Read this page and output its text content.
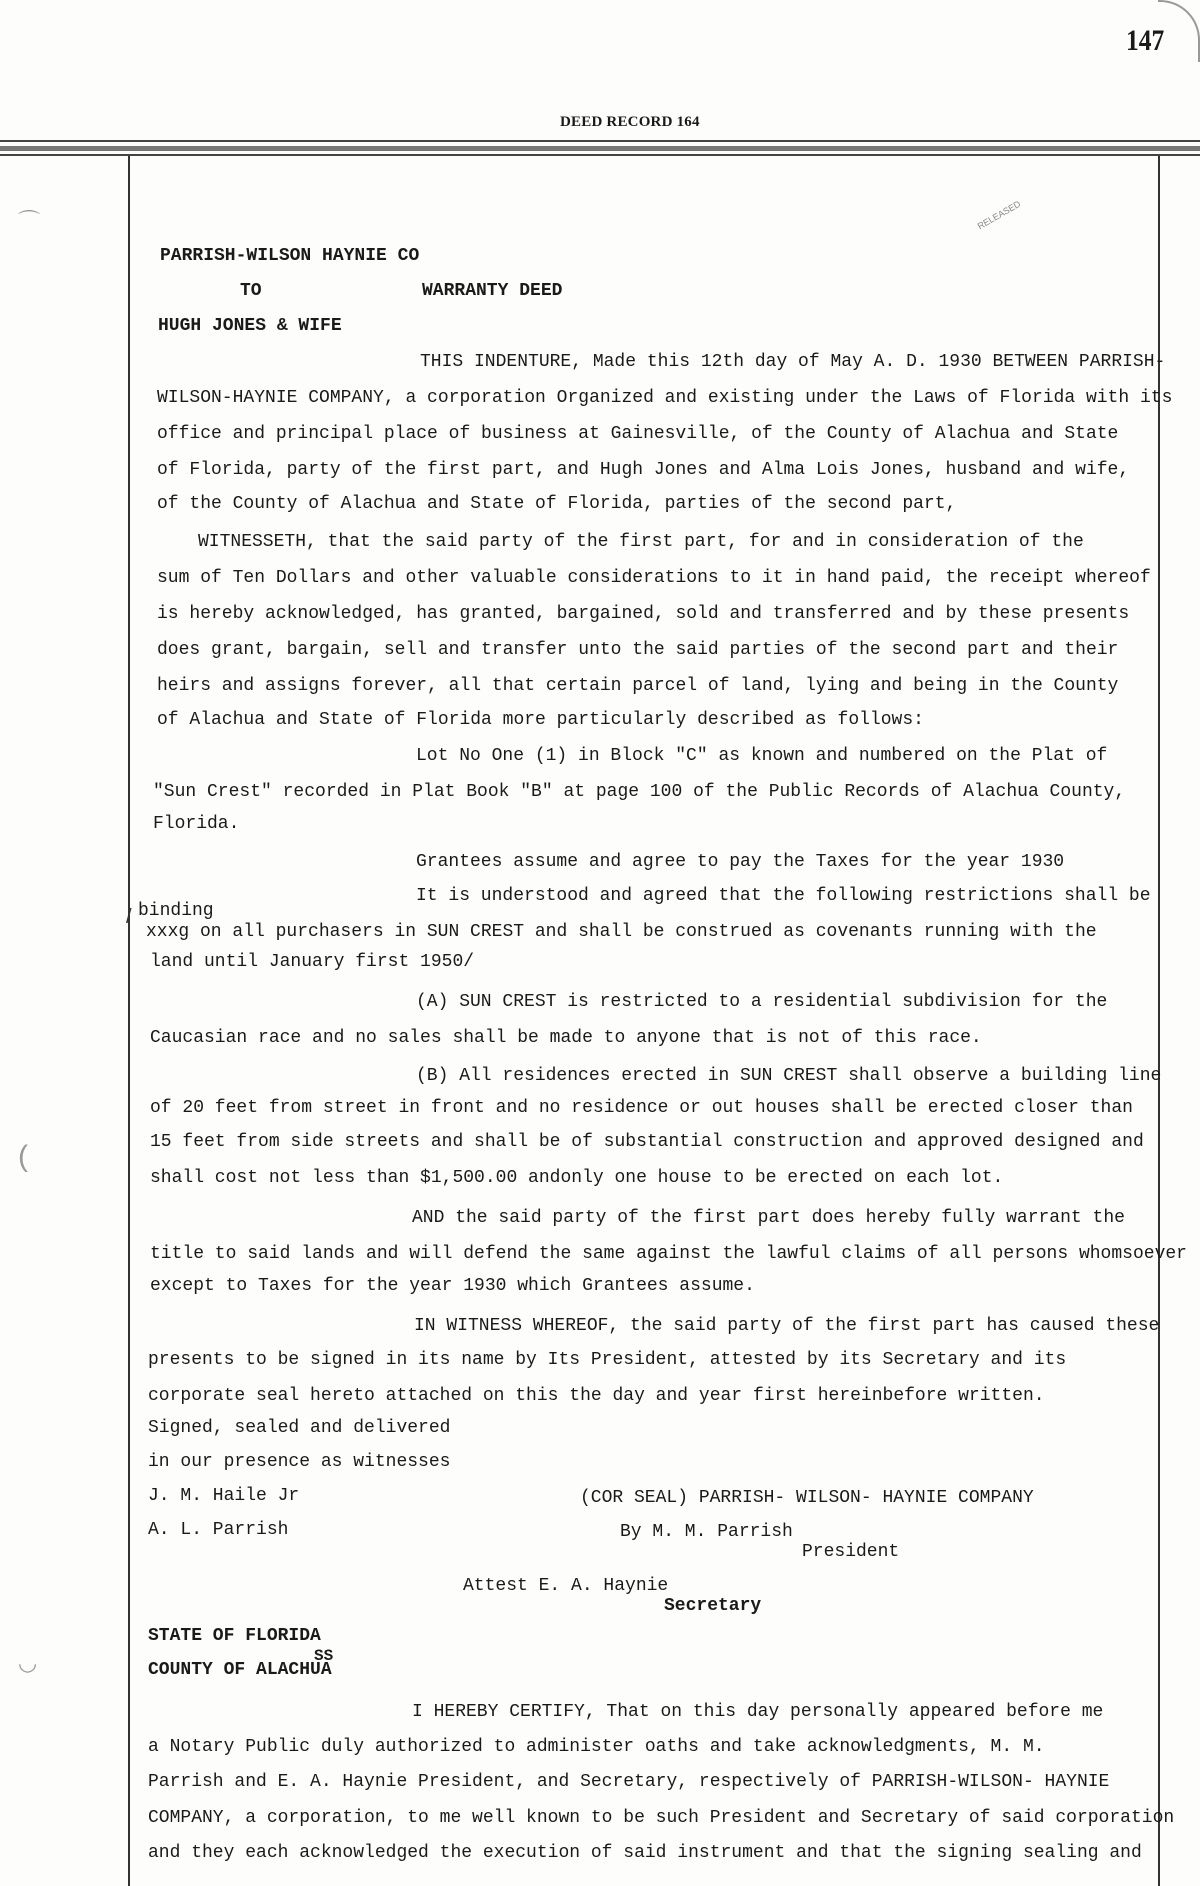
147
DEED RECORD 164
RELEASED
⌒
(
◡
/
PARRISH-WILSON HAYNIE CO
TO	WARRANTY DEED
HUGH JONES & WIFE
THIS INDENTURE, Made this 12th day of May A. D. 1930 BETWEEN PARRISH-
WILSON-HAYNIE COMPANY, a corporation Organized and existing under the Laws of Florida with its
office and principal place of business at Gainesville, of the County of Alachua and State
of Florida, party of the first part, and Hugh Jones and Alma Lois Jones, husband and wife,
of the County of Alachua and State of Florida, parties of the second part,
WITNESSETH, that the said party of the first part, for and in consideration of the
sum of Ten Dollars and other valuable considerations to it in hand paid, the receipt whereof
is hereby acknowledged, has granted, bargained, sold and transferred and by these presents
does grant, bargain, sell and transfer unto the said parties of the second part and their
heirs and assigns forever, all that certain parcel of land, lying and being in the County
of Alachua and State of Florida more particularly described as follows:
Lot No One (1) in Block "C" as known and numbered on the Plat of
"Sun Crest" recorded in Plat Book "B" at page 100 of the Public Records of Alachua County,
Florida.
Grantees assume and agree to pay the Taxes for the year 1930
It is understood and agreed that the following restrictions shall be
binding
xxxg on all purchasers in SUN CREST and shall be construed as covenants running with the
land until January first 1950/
(A) SUN CREST is restricted to a residential subdivision for the
Caucasian race and no sales shall be made to anyone that is not of this race.
(B) All residences erected in SUN CREST shall observe a building line
of 20 feet from street in front and no residence or out houses shall be erected closer than
15 feet from side streets and shall be of substantial construction and approved designed and
shall cost not less than $1,500.00 andonly one house to be erected on each lot.
AND the said party of the first part does hereby fully warrant the
title to said lands and will defend the same against the lawful claims of all persons whomsoever
except to Taxes for the year 1930 which Grantees assume.
IN WITNESS WHEREOF, the said party of the first part has caused these
presents to be signed in its name by Its President, attested by its Secretary and its
corporate seal hereto attached on this the day and year first hereinbefore written.
Signed, sealed and delivered
in our presence as witnesses
J. M. Haile Jr	(COR SEAL) PARRISH- WILSON- HAYNIE COMPANY
A. L. Parrish	By M. M. Parrish
President
Attest E. A. Haynie
Secretary
STATE OF FLORIDA
SS
COUNTY OF ALACHUA
I HEREBY CERTIFY, That on this day personally appeared before me
a Notary Public duly authorized to administer oaths and take acknowledgments, M. M.
Parrish and E. A. Haynie President, and Secretary, respectively of PARRISH-WILSON- HAYNIE
COMPANY, a corporation, to me well known to be such President and Secretary of said corporation
and they each acknowledged the execution of said instrument and that the signing sealing and
